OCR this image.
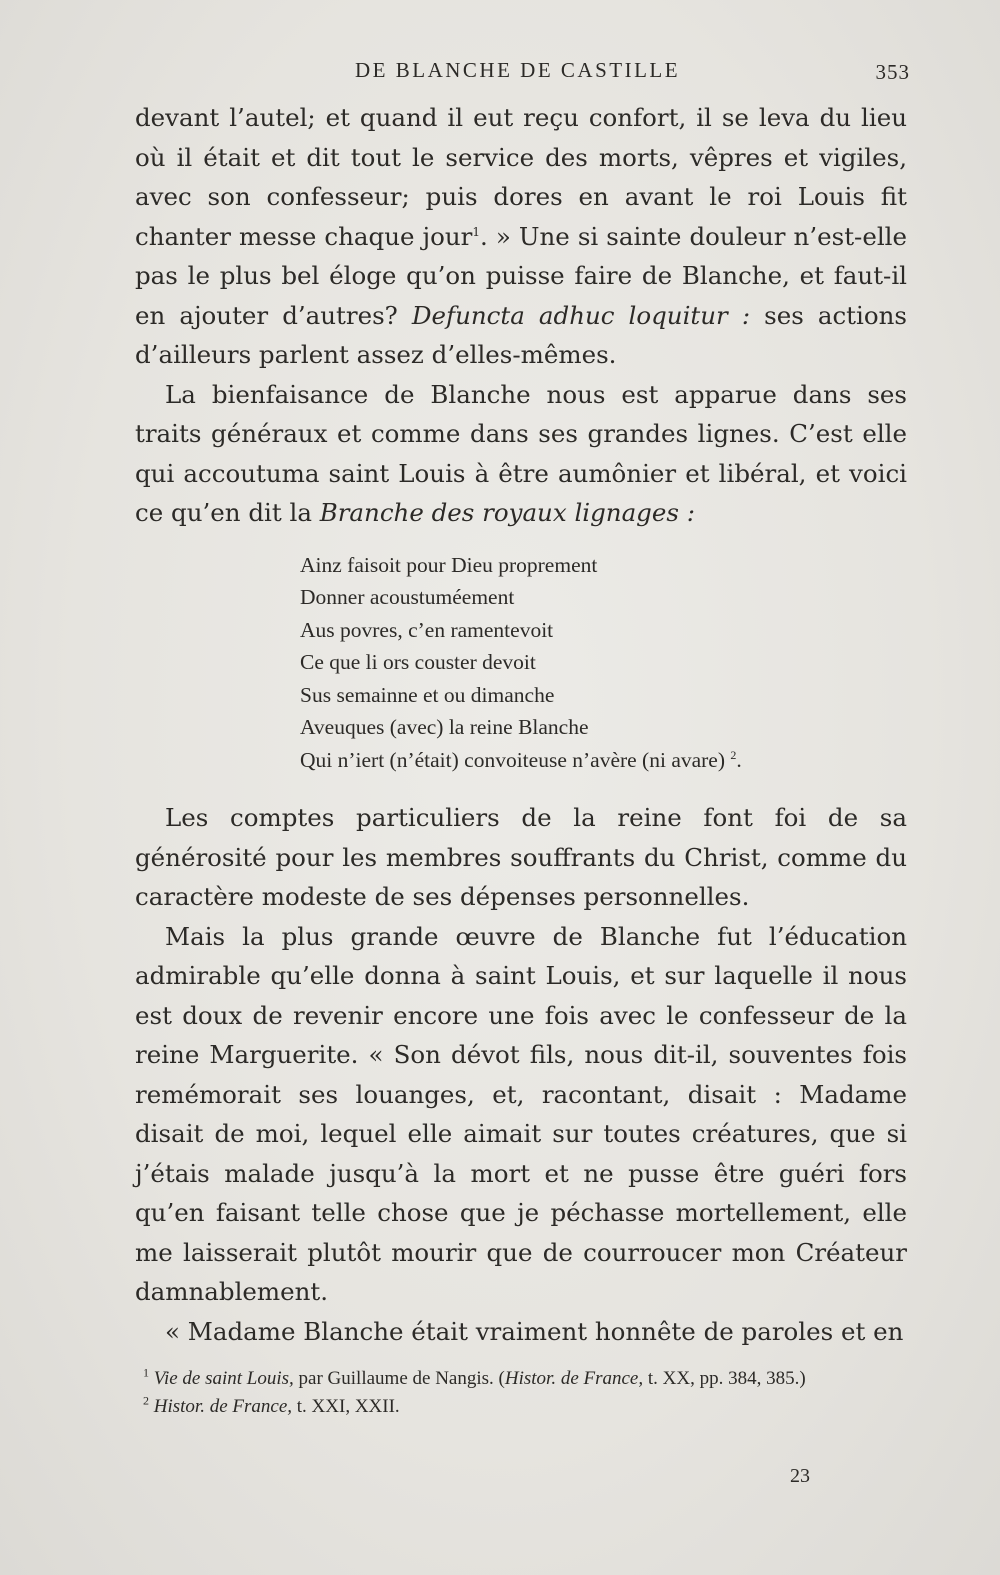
DE BLANCHE DE CASTILLE	353

devant l’autel; et quand il eut reçu confort, il se leva du lieu où il était et dit tout le service des morts, vêpres et vigiles, avec son confesseur; puis dores en avant le roi Louis fit chanter messe chaque jour$^1$. » Une si sainte douleur n’est-elle pas le plus bel éloge qu’on puisse faire de Blanche, et faut-il en ajouter d’autres? Defuncta adhuc loquitur : ses actions d’ailleurs parlent assez d’elles-mêmes.

La bienfaisance de Blanche nous est apparue dans ses traits généraux et comme dans ses grandes lignes. C’est elle qui accoutuma saint Louis à être aumônier et libéral, et voici ce qu’en dit la Branche des royaux lignages :

Ainz faisoit pour Dieu proprement
Donner acoustuméement
Aus povres, c’en ramentevoit
Ce que li ors couster devoit
Sus semainne et ou dimanche
Aveuques (avec) la reine Blanche
Qui n’iert (n’était) convoiteuse n’avère (ni avare) $^2$.

Les comptes particuliers de la reine font foi de sa générosité pour les membres souffrants du Christ, comme du caractère modeste de ses dépenses personnelles.

Mais la plus grande œuvre de Blanche fut l’éducation admirable qu’elle donna à saint Louis, et sur laquelle il nous est doux de revenir encore une fois avec le confesseur de la reine Marguerite. « Son dévot fils, nous dit-il, souventes fois remémorait ses louanges, et, racontant, disait : Madame disait de moi, lequel elle aimait sur toutes créatures, que si j’étais malade jusqu’à la mort et ne pusse être guéri fors qu’en faisant telle chose que je péchasse mortellement, elle me laisserait plutôt mourir que de courroucer mon Créateur damnablement.

« Madame Blanche était vraiment honnête de paroles et en

$^1$ Vie de saint Louis, par Guillaume de Nangis. (Histor. de France, t. XX, pp. 384, 385.)

$^2$ Histor. de France, t. XXI, XXII.

23
